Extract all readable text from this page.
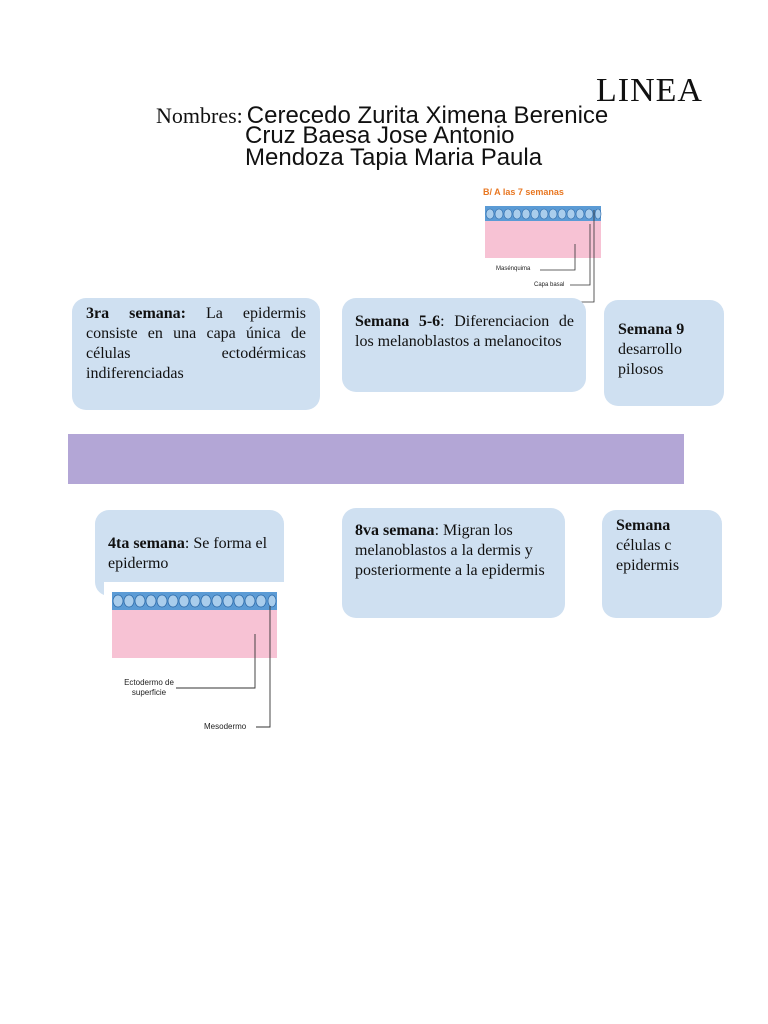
LINEA
Nombres: Cerecedo Zurita Ximena Berenice
Cruz Baesa Jose Antonio
Mendoza Tapia Maria Paula
B/ A las 7 semanas
Masénquima
Capa basal
3ra semana: La epidermis consiste en una capa única de células ectodérmicas indiferenciadas
Semana 5-6: Diferenciacion de los melanoblastos a melanocitos
Semana 9 desarrollo pilosos
4ta semana: Se forma el epidermo
8va semana: Migran los melanoblastos a la dermis y posteriormente a la epidermis
Semana células c epidermis
Ectodermo de superficie
Mesodermo
